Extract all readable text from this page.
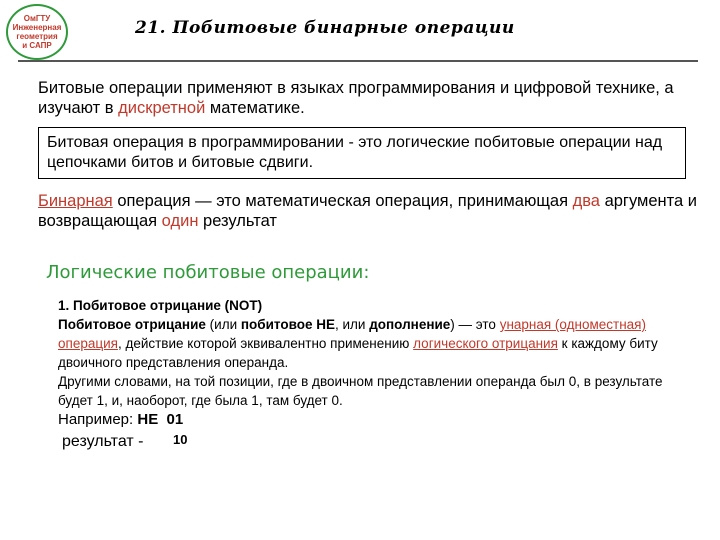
ОмГТУ
Инженерная
геометрия
и САПР
21. Побитовые бинарные операции
Битовые операции применяют в языках программирования и цифровой технике, а изучают в дискретной математике.
Битовая операция в программировании - это логические побитовые операции над цепочками битов и битовые сдвиги.
Бинарная операция — это математическая операция, принимающая два аргумента и возвращающая один результат
Логические побитовые операции:
1. Побитовое отрицание (NOT)
Побитовое отрицание (или побитовое НЕ, или дополнение) — это унарная (одноместная) операция, действие которой эквивалентно применению логического отрицания к каждому биту двоичного представления операнда.
Другими словами, на той позиции, где в двоичном представлении операнда был 0, в результате будет 1, и, наоборот, где была 1, там будет 0.
Например: НЕ 01
результат - 10
